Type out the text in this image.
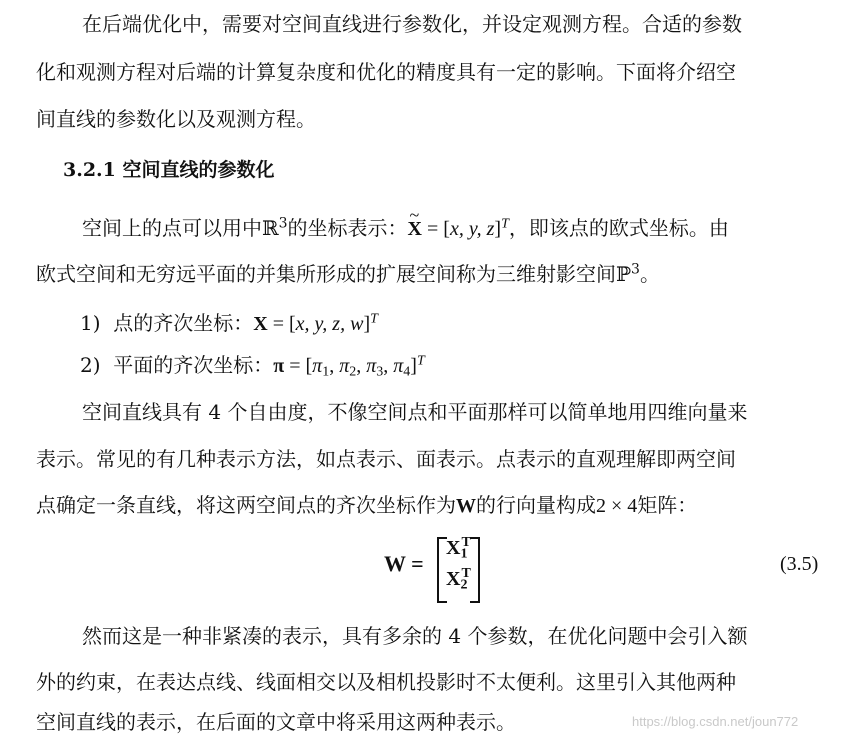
在后端优化中，需要对空间直线进行参数化，并设定观测方程。合适的参数
化和观测方程对后端的计算复杂度和优化的精度具有一定的影响。下面将介绍空
间直线的参数化以及观测方程。
3.2.1 空间直线的参数化
空间上的点可以用中ℝ$^3$的坐标表示：~ X = [x, y, z]$^T$，即该点的欧式坐标。由
欧式空间和无穷远平面的并集所形成的扩展空间称为三维射影空间ℙ$^3$。
1) 点的齐次坐标：X = [x, y, z, w]$^T$
2) 平面的齐次坐标：$\pi = [\pi_1$, $\pi_2$, $\pi_3$, $\pi_4]^T$
空间直线具有 4 个自由度，不像空间点和平面那样可以简单地用四维向量来
表示。常见的有几种表示方法，如点表示、面表示。点表示的直观理解即两空间
点确定一条直线，将这两空间点的齐次坐标作为W的行向量构成2 × 4矩阵：
W =
$X_1^T$
$X_2^T$	(3.5)
然而这是一种非紧凑的表示，具有多余的 4 个参数，在优化问题中会引入额
外的约束，在表达点线、线面相交以及相机投影时不太便利。这里引入其他两种
空间直线的表示，在后面的文章中将采用这两种表示。	https://blog.csdn.net/joun772
